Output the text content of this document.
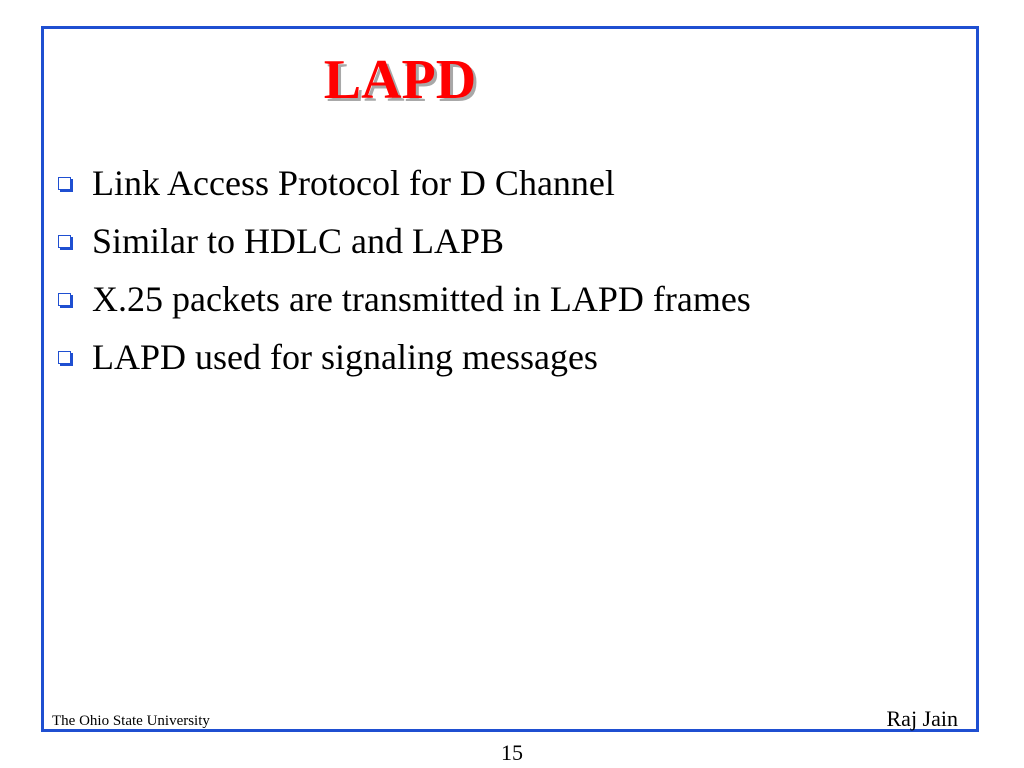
LAPD
Link Access Protocol for D Channel
Similar to HDLC and LAPB
X.25 packets are transmitted in LAPD frames
LAPD used for signaling messages
The Ohio State University	Raj Jain
15
